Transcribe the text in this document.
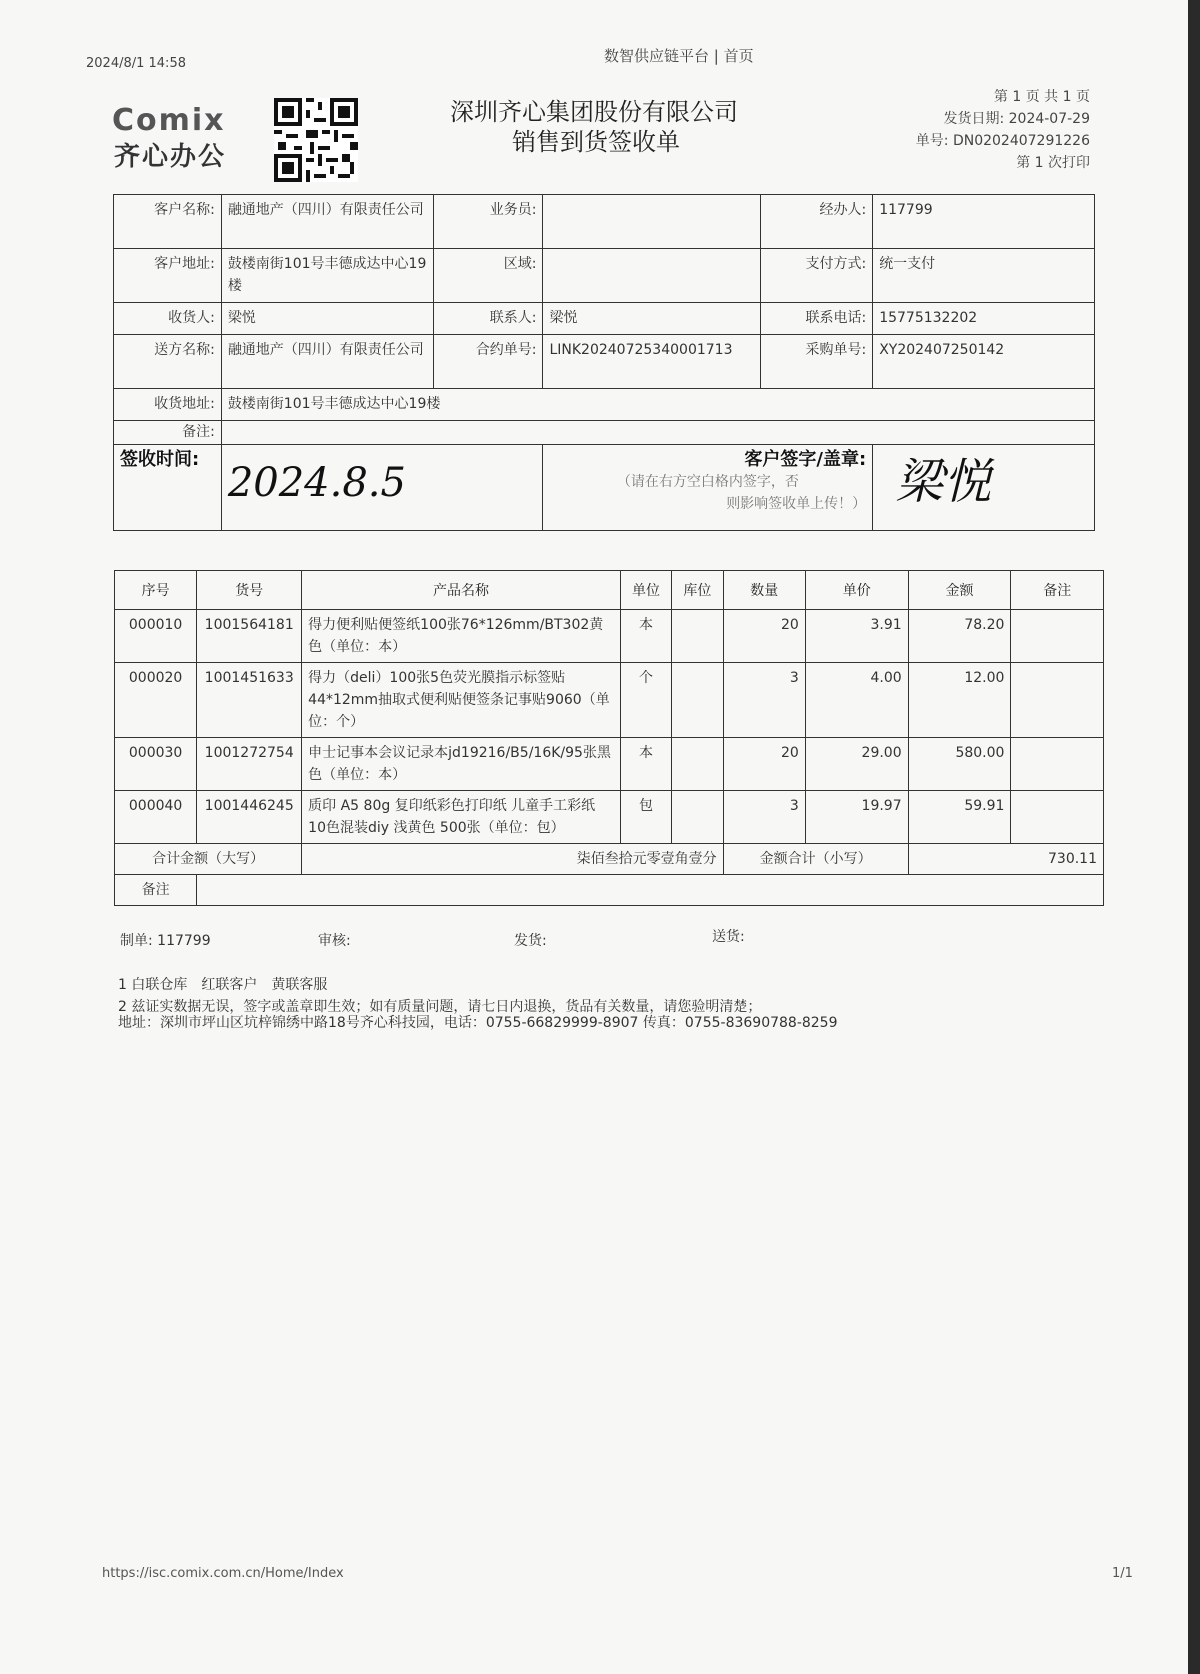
2024/8/1 14:58	数智供应链平台 | 首页
Comix
齐心办公
深圳齐心集团股份有限公司
销售到货签收单
第 1 页 共 1 页
发货日期: 2024-07-29
单号: DN0202407291226
第 1 次打印
客户名称:	融通地产（四川）有限责任公司	业务员:		经办人:	117799
客户地址:	鼓楼南街101号丰德成达中心19楼	区域:		支付方式:	统一支付
收货人:	梁悦	联系人:	梁悦	联系电话:	15775132202
送方名称:	融通地产（四川）有限责任公司	合约单号:	LINK20240725340001713	采购单号:	XY202407250142
收货地址:	鼓楼南街101号丰德成达中心19楼				
备注:					
签收时间:	2024.8.5		客户签字/盖章:
（请在右方空白格内签字，否
则影响签收单上传！）		梁悦
序号	货号	产品名称	单位	库位	数量	单价	金额	备注
000010	1001564181	得力便利贴便签纸100张76*126mm/BT302黄色（单位：本）	本		20	3.91	78.20	
000020	1001451633	得力（deli）100张5色荧光膜指示标签贴 44*12mm抽取式便利贴便签条记事贴9060（单位：个）	个		3	4.00	12.00	
000030	1001272754	申士记事本会议记录本jd19216/B5/16K/95张黑色（单位：本）	本		20	29.00	580.00	
000040	1001446245	质印 A5 80g 复印纸彩色打印纸 儿童手工彩纸 10色混装diy 浅黄色 500张（单位：包）	包		3	19.97	59.91	
合计金额（大写）		柒佰叁拾元零壹角壹分			金额合计（小写）		730.11	
备注								
制单: 117799	审核:	发货:	送货:
1 白联仓库　红联客户　黄联客服
2 兹证实数据无误，签字或盖章即生效；如有质量问题，请七日内退换，货品有关数量，请您验明清楚；
地址：深圳市坪山区坑梓锦绣中路18号齐心科技园，电话：0755-66829999-8907 传真：0755-83690788-8259
https://isc.comix.com.cn/Home/Index	1/1
